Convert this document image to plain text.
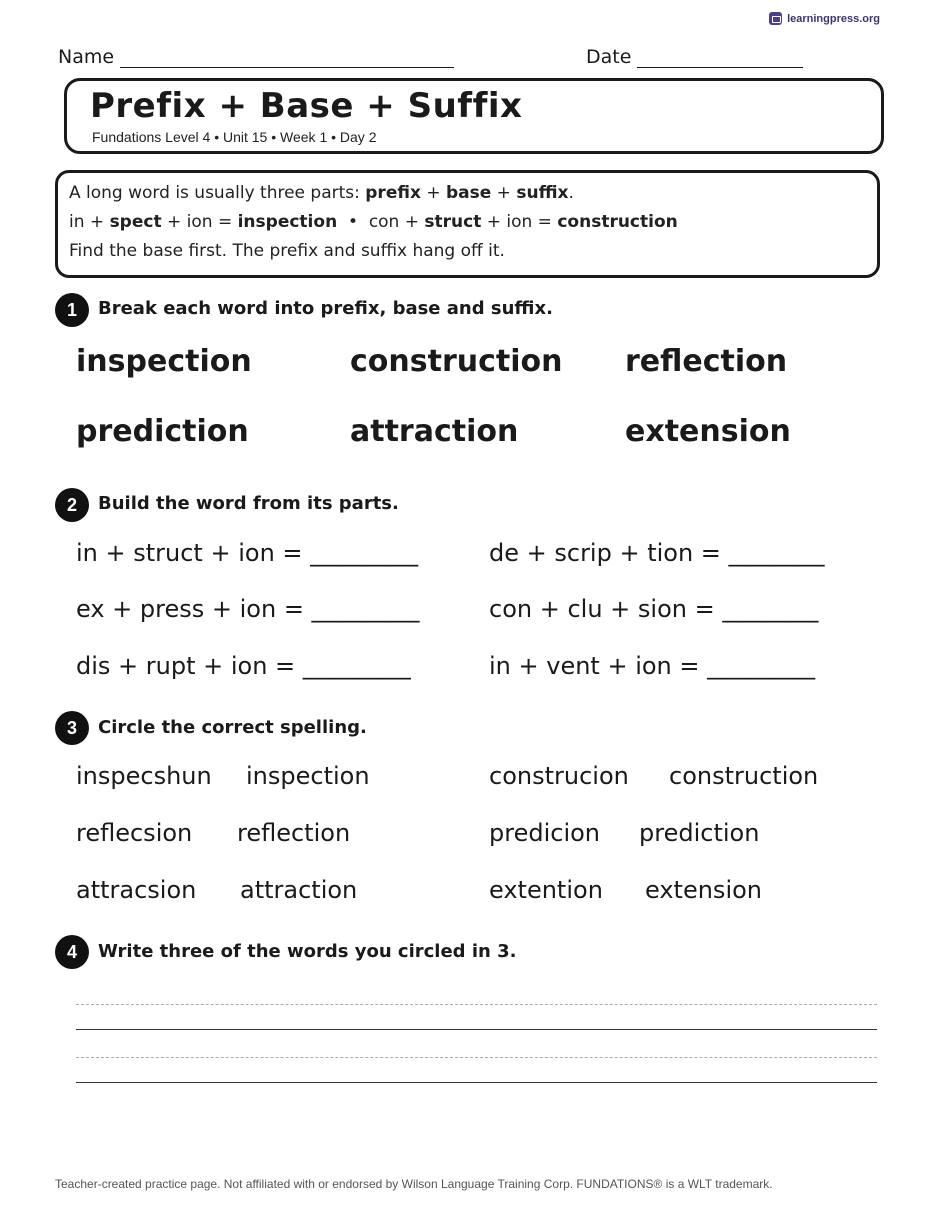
learningpress.org
Name	Date
Prefix + Base + Suffix
Fundations Level 4 • Unit 15 • Week 1 • Day 2
A long word is usually three parts: prefix + base + suffix.
in + spect + ion = inspection  •  con + struct + ion = construction
Find the base first. The prefix and suffix hang off it.
1	Break each word into prefix, base and suffix.
inspection	construction reflection
prediction	attraction	extension
2	Build the word from its parts.
in + struct + ion = _________	de + scrip + tion = ________
ex + press + ion = _________	con + clu + sion = ________
dis + rupt + ion = _________	in + vent + ion = _________
3	Circle the correct spelling.
inspecshun inspection	construcion construction
reflecsion reflection	predicion prediction
attracsion attraction	extention extension
4	Write three of the words you circled in 3.
Teacher-created practice page. Not affiliated with or endorsed by Wilson Language Training Corp. FUNDATIONS® is a WLT trademark.
